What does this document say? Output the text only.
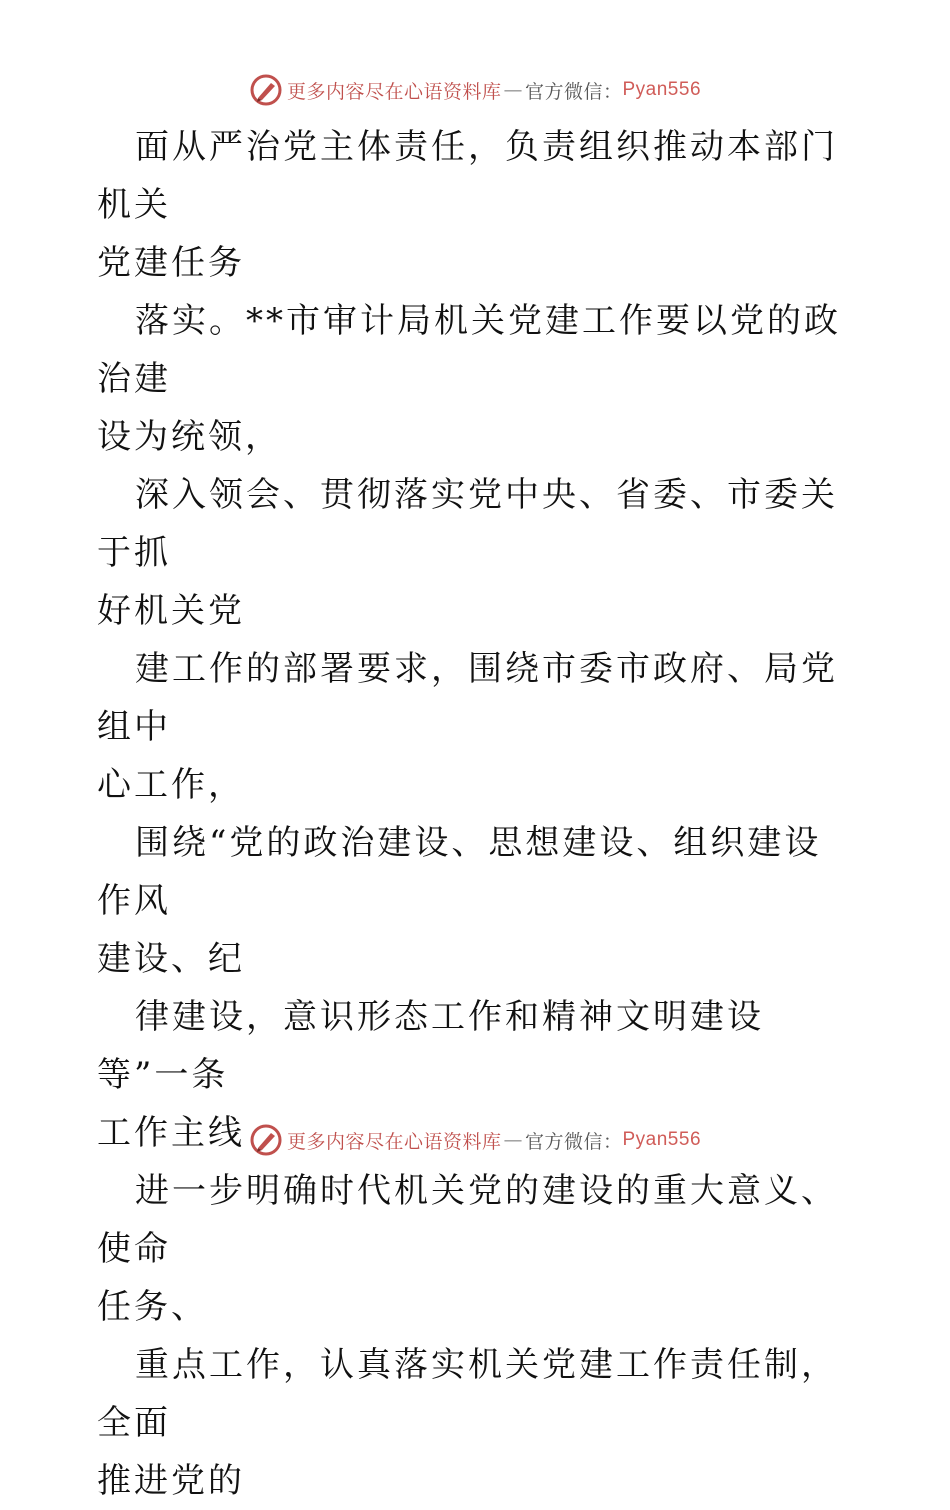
更多内容尽在心语资料库 — 官方微信： Pyan556

面从严治党主体责任，负责组织推动本部门机关
党建任务

落实。**市审计局机关党建工作要以党的政治建
设为统领，

深入领会、贯彻落实党中央、省委、市委关于抓
好机关党

建工作的部署要求，围绕市委市政府、局党组中
心工作，

围绕“党的政治建设、思想建设、组织建设作风
建设、纪

律建设，意识形态工作和精神文明建设等”一条
工作主线

进一步明确时代机关党的建设的重大意义、使命
任务、

重点工作，认真落实机关党建工作责任制，全面
推进党的

更多内容尽在心语资料库 — 官方微信： Pyan556
